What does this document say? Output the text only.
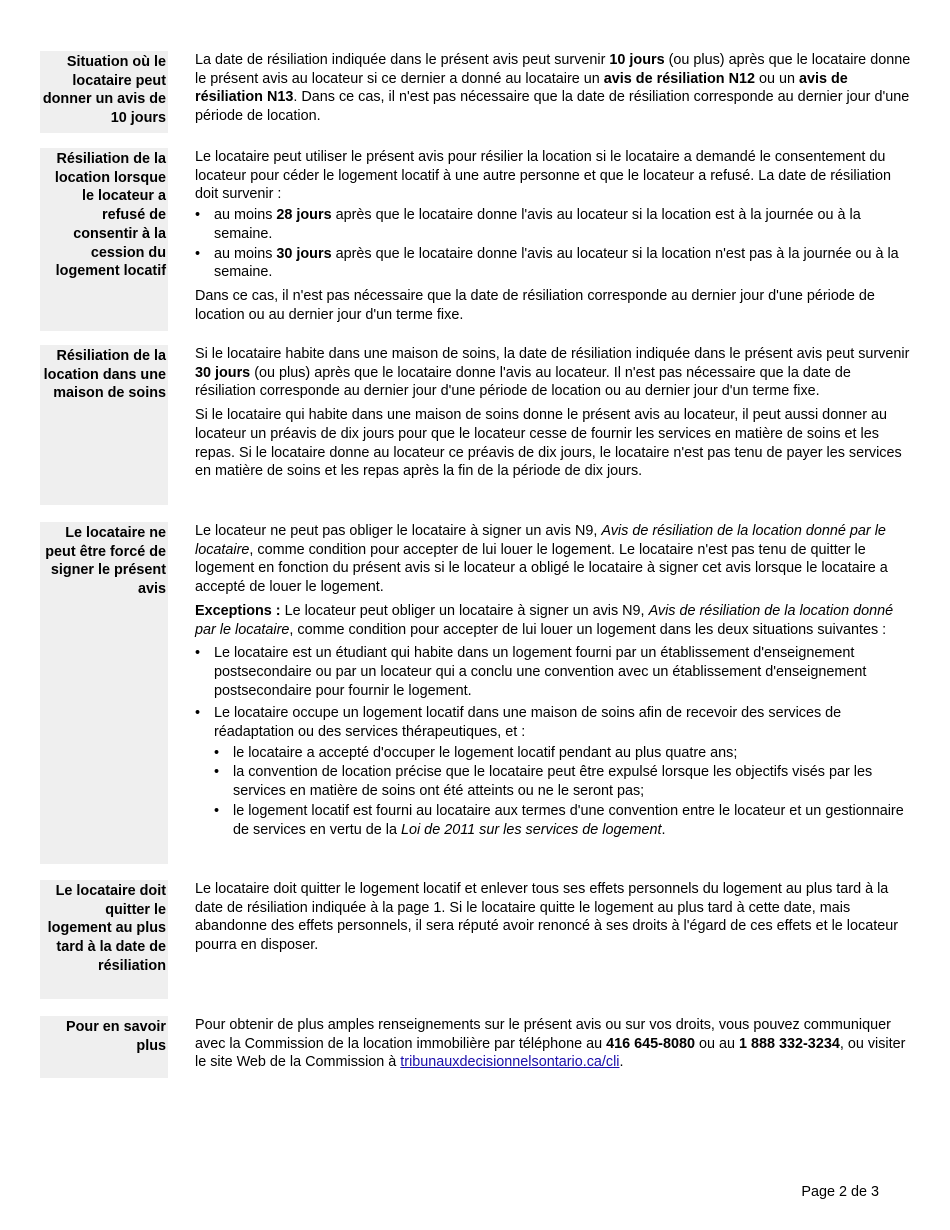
Situation où le locataire peut donner un avis de 10 jours

La date de résiliation indiquée dans le présent avis peut survenir 10 jours (ou plus) après que le locataire donne le présent avis au locateur si ce dernier a donné au locataire un avis de résiliation N12 ou un avis de résiliation N13. Dans ce cas, il n'est pas nécessaire que la date de résiliation corresponde au dernier jour d'une période de location.

Résiliation de la location lorsque le locateur a refusé de consentir à la cession du logement locatif

Le locataire peut utiliser le présent avis pour résilier la location si le locataire a demandé le consentement du locateur pour céder le logement locatif à une autre personne et que le locateur a refusé. La date de résiliation doit survenir :

• au moins 28 jours après que le locataire donne l'avis au locateur si la location est à la journée ou à la semaine.
• au moins 30 jours après que le locataire donne l'avis au locateur si la location n'est pas à la journée ou à la semaine.

Dans ce cas, il n'est pas nécessaire que la date de résiliation corresponde au dernier jour d'une période de location ou au dernier jour d'un terme fixe.

Résiliation de la location dans une maison de soins

Si le locataire habite dans une maison de soins, la date de résiliation indiquée dans le présent avis peut survenir 30 jours (ou plus) après que le locataire donne l'avis au locateur. Il n'est pas nécessaire que la date de résiliation corresponde au dernier jour d'une période de location ou au dernier jour d'un terme fixe.

Si le locataire qui habite dans une maison de soins donne le présent avis au locateur, il peut aussi donner au locateur un préavis de dix jours pour que le locateur cesse de fournir les services en matière de soins et les repas. Si le locataire donne au locateur ce préavis de dix jours, le locataire n'est pas tenu de payer les services en matière de soins et les repas après la fin de la période de dix jours.

Le locataire ne peut être forcé de signer le présent avis

Le locateur ne peut pas obliger le locataire à signer un avis N9, Avis de résiliation de la location donné par le locataire, comme condition pour accepter de lui louer le logement. Le locataire n'est pas tenu de quitter le logement en fonction du présent avis si le locateur a obligé le locataire à signer cet avis lorsque le locataire a accepté de louer le logement.

Exceptions : Le locateur peut obliger un locataire à signer un avis N9, Avis de résiliation de la location donné par le locataire, comme condition pour accepter de lui louer un logement dans les deux situations suivantes :

• Le locataire est un étudiant qui habite dans un logement fourni par un établissement d'enseignement postsecondaire ou par un locateur qui a conclu une convention avec un établissement d'enseignement postsecondaire pour fournir le logement.
• Le locataire occupe un logement locatif dans une maison de soins afin de recevoir des services de réadaptation ou des services thérapeutiques, et :
• le locataire a accepté d'occuper le logement locatif pendant au plus quatre ans;
• la convention de location précise que le locataire peut être expulsé lorsque les objectifs visés par les services en matière de soins ont été atteints ou ne le seront pas;
• le logement locatif est fourni au locataire aux termes d'une convention entre le locateur et un gestionnaire de services en vertu de la Loi de 2011 sur les services de logement.
Le locataire doit quitter le logement au plus tard à la date de résiliation

Le locataire doit quitter le logement locatif et enlever tous ses effets personnels du logement au plus tard à la date de résiliation indiquée à la page 1. Si le locataire quitte le logement au plus tard à cette date, mais abandonne des effets personnels, il sera réputé avoir renoncé à ses droits à l'égard de ces effets et le locateur pourra en disposer.

Pour en savoir plus

Pour obtenir de plus amples renseignements sur le présent avis ou sur vos droits, vous pouvez communiquer avec la Commission de la location immobilière par téléphone au 416 645-8080 ou au 1 888 332-3234, ou visiter le site Web de la Commission à tribunauxdecisionnelsontario.ca/cli.

Page 2 de 3
